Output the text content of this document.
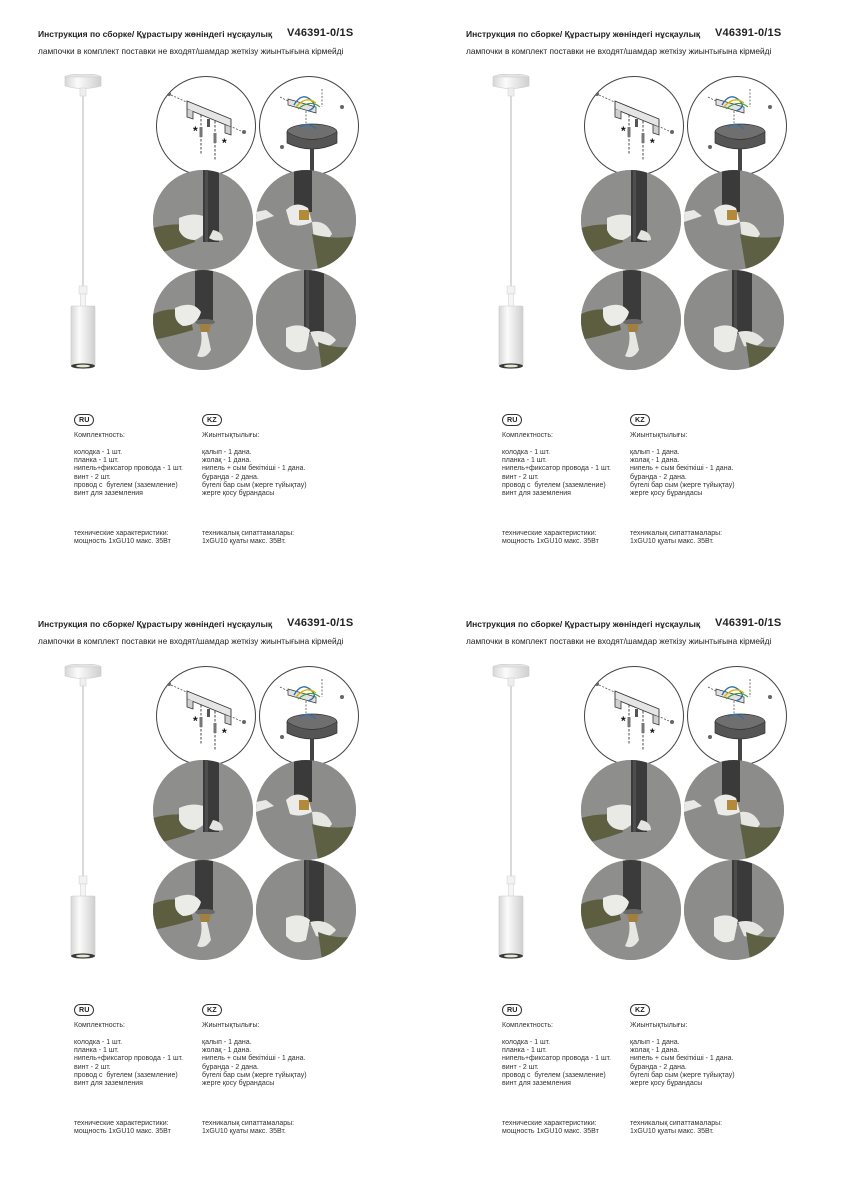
Инструкция по сборке/ Құрастыру жөніндегі нұсқаулық V46391-0/1S
лампочки в комплект поставки не входят/шамдар жеткізу жиынтығына кірмейді
*
*
RU
Комплектность:
колодка - 1 шт.
планка - 1 шт.
нипель+фиксатор провода - 1 шт.
винт - 2 шт.
провод с  бугелем (заземление)
винт для заземления
технические характеристики:
мощность 1xGU10 макс. 35Вт
KZ
Жиынтықтылығы:
қалып - 1 дана.
жолақ - 1 дана.
нипель + сым бекіткіші - 1 дана.
бұранда - 2 дана.
бүгелі бар сым (жерге түйықтау)
жерге қосу бұрандасы
техникалық сипаттамалары:
1xGU10 қуаты макс. 35Вт.
Инструкция по сборке/ Құрастыру жөніндегі нұсқаулық V46391-0/1S
лампочки в комплект поставки не входят/шамдар жеткізу жиынтығына кірмейді
*
*
RU
Комплектность:
колодка - 1 шт.
планка - 1 шт.
нипель+фиксатор провода - 1 шт.
винт - 2 шт.
провод с  бугелем (заземление)
винт для заземления
технические характеристики:
мощность 1xGU10 макс. 35Вт
KZ
Жиынтықтылығы:
қалып - 1 дана.
жолақ - 1 дана.
нипель + сым бекіткіші - 1 дана.
бұранда - 2 дана.
бүгелі бар сым (жерге түйықтау)
жерге қосу бұрандасы
техникалық сипаттамалары:
1xGU10 қуаты макс. 35Вт.
Инструкция по сборке/ Құрастыру жөніндегі нұсқаулық V46391-0/1S
лампочки в комплект поставки не входят/шамдар жеткізу жиынтығына кірмейді
*
*
RU
Комплектность:
колодка - 1 шт.
планка - 1 шт.
нипель+фиксатор провода - 1 шт.
винт - 2 шт.
провод с  бугелем (заземление)
винт для заземления
технические характеристики:
мощность 1xGU10 макс. 35Вт
KZ
Жиынтықтылығы:
қалып - 1 дана.
жолақ - 1 дана.
нипель + сым бекіткіші - 1 дана.
бұранда - 2 дана.
бүгелі бар сым (жерге түйықтау)
жерге қосу бұрандасы
техникалық сипаттамалары:
1xGU10 қуаты макс. 35Вт.
Инструкция по сборке/ Құрастыру жөніндегі нұсқаулық V46391-0/1S
лампочки в комплект поставки не входят/шамдар жеткізу жиынтығына кірмейді
*
*
RU
Комплектность:
колодка - 1 шт.
планка - 1 шт.
нипель+фиксатор провода - 1 шт.
винт - 2 шт.
провод с  бугелем (заземление)
винт для заземления
технические характеристики:
мощность 1xGU10 макс. 35Вт
KZ
Жиынтықтылығы:
қалып - 1 дана.
жолақ - 1 дана.
нипель + сым бекіткіші - 1 дана.
бұранда - 2 дана.
бүгелі бар сым (жерге түйықтау)
жерге қосу бұрандасы
техникалық сипаттамалары:
1xGU10 қуаты макс. 35Вт.
